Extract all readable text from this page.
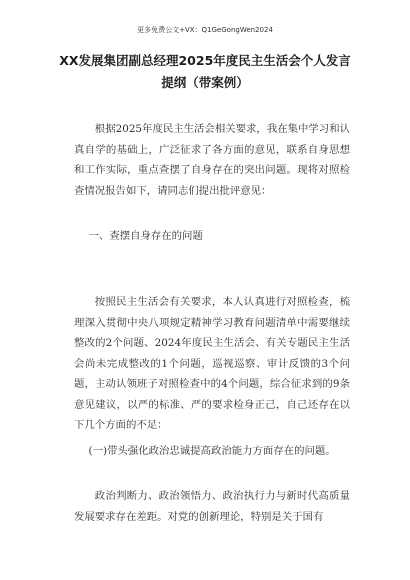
更多免费公文+VX：Q1GeGongWen2024
XX发展集团副总经理2025年度民主生活会个人发言
提纲（带案例）

根据2025年度民主生活会相关要求，我在集中学习和认真自学的基础上，广泛征求了各方面的意见，联系自身思想和工作实际，重点查摆了自身存在的突出问题。现将对照检查情况报告如下，请同志们提出批评意见：

一、查摆自身存在的问题

按照民主生活会有关要求，本人认真进行对照检查，梳理深入贯彻中央八项规定精神学习教育问题清单中需要继续整改的2个问题、2024年度民主生活会、有关专题民主生活会尚未完成整改的1个问题，巡视巡察、审计反馈的3个问题，主动认领班子对照检查中的4个问题，综合征求到的9条意见建议，以严的标准、严的要求检身正己，自己还存在以下几个方面的不足：

(一)带头强化政治忠诚提高政治能力方面存在的问题。

政治判断力、政治领悟力、政治执行力与新时代高质量发展要求存在差距。对党的创新理论，特别是关于国有
